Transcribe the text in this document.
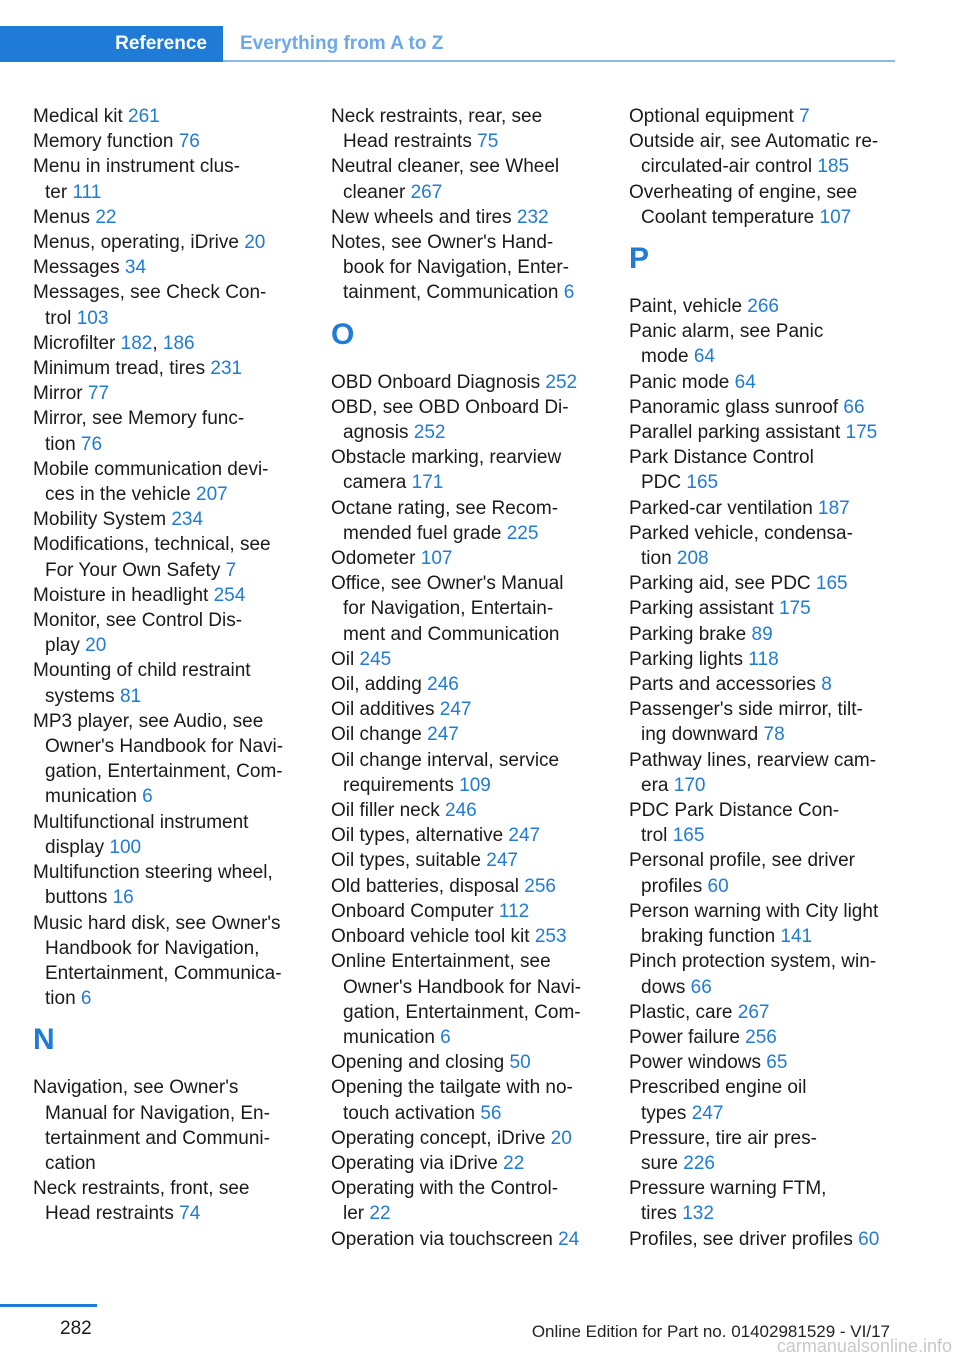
Reference Everything from A to Z
Medical kit 261
Memory function 76
Menu in instrument clus-
ter 111
Menus 22
Menus, operating, iDrive 20
Messages 34
Messages, see Check Con-
trol 103
Microfilter 182, 186
Minimum tread, tires 231
Mirror 77
Mirror, see Memory func-
tion 76
Mobile communication devi-
ces in the vehicle 207
Mobility System 234
Modifications, technical, see
For Your Own Safety 7
Moisture in headlight 254
Monitor, see Control Dis-
play 20
Mounting of child restraint
systems 81
MP3 player, see Audio, see
Owner's Handbook for Navi-
gation, Entertainment, Com-
munication 6
Multifunctional instrument
display 100
Multifunction steering wheel,
buttons 16
Music hard disk, see Owner's
Handbook for Navigation,
Entertainment, Communica-
tion 6
N
Navigation, see Owner's
Manual for Navigation, En-
tertainment and Communi-
cation
Neck restraints, front, see
Head restraints 74
Neck restraints, rear, see
Head restraints 75
Neutral cleaner, see Wheel
cleaner 267
New wheels and tires 232
Notes, see Owner's Hand-
book for Navigation, Enter-
tainment, Communication 6
O
OBD Onboard Diagnosis 252
OBD, see OBD Onboard Di-
agnosis 252
Obstacle marking, rearview
camera 171
Octane rating, see Recom-
mended fuel grade 225
Odometer 107
Office, see Owner's Manual
for Navigation, Entertain-
ment and Communication
Oil 245
Oil, adding 246
Oil additives 247
Oil change 247
Oil change interval, service
requirements 109
Oil filler neck 246
Oil types, alternative 247
Oil types, suitable 247
Old batteries, disposal 256
Onboard Computer 112
Onboard vehicle tool kit 253
Online Entertainment, see
Owner's Handbook for Navi-
gation, Entertainment, Com-
munication 6
Opening and closing 50
Opening the tailgate with no-
touch activation 56
Operating concept, iDrive 20
Operating via iDrive 22
Operating with the Control-
ler 22
Operation via touchscreen 24
Optional equipment 7
Outside air, see Automatic re-
circulated-air control 185
Overheating of engine, see
Coolant temperature 107
P
Paint, vehicle 266
Panic alarm, see Panic
mode 64
Panic mode 64
Panoramic glass sunroof 66
Parallel parking assistant 175
Park Distance Control
PDC 165
Parked-car ventilation 187
Parked vehicle, condensa-
tion 208
Parking aid, see PDC 165
Parking assistant 175
Parking brake 89
Parking lights 118
Parts and accessories 8
Passenger's side mirror, tilt-
ing downward 78
Pathway lines, rearview cam-
era 170
PDC Park Distance Con-
trol 165
Personal profile, see driver
profiles 60
Person warning with City light
braking function 141
Pinch protection system, win-
dows 66
Plastic, care 267
Power failure 256
Power windows 65
Prescribed engine oil
types 247
Pressure, tire air pres-
sure 226
Pressure warning FTM,
tires 132
Profiles, see driver profiles 60
282	Online Edition for Part no. 01402981529 - VI/17
carmanualsonline.info
